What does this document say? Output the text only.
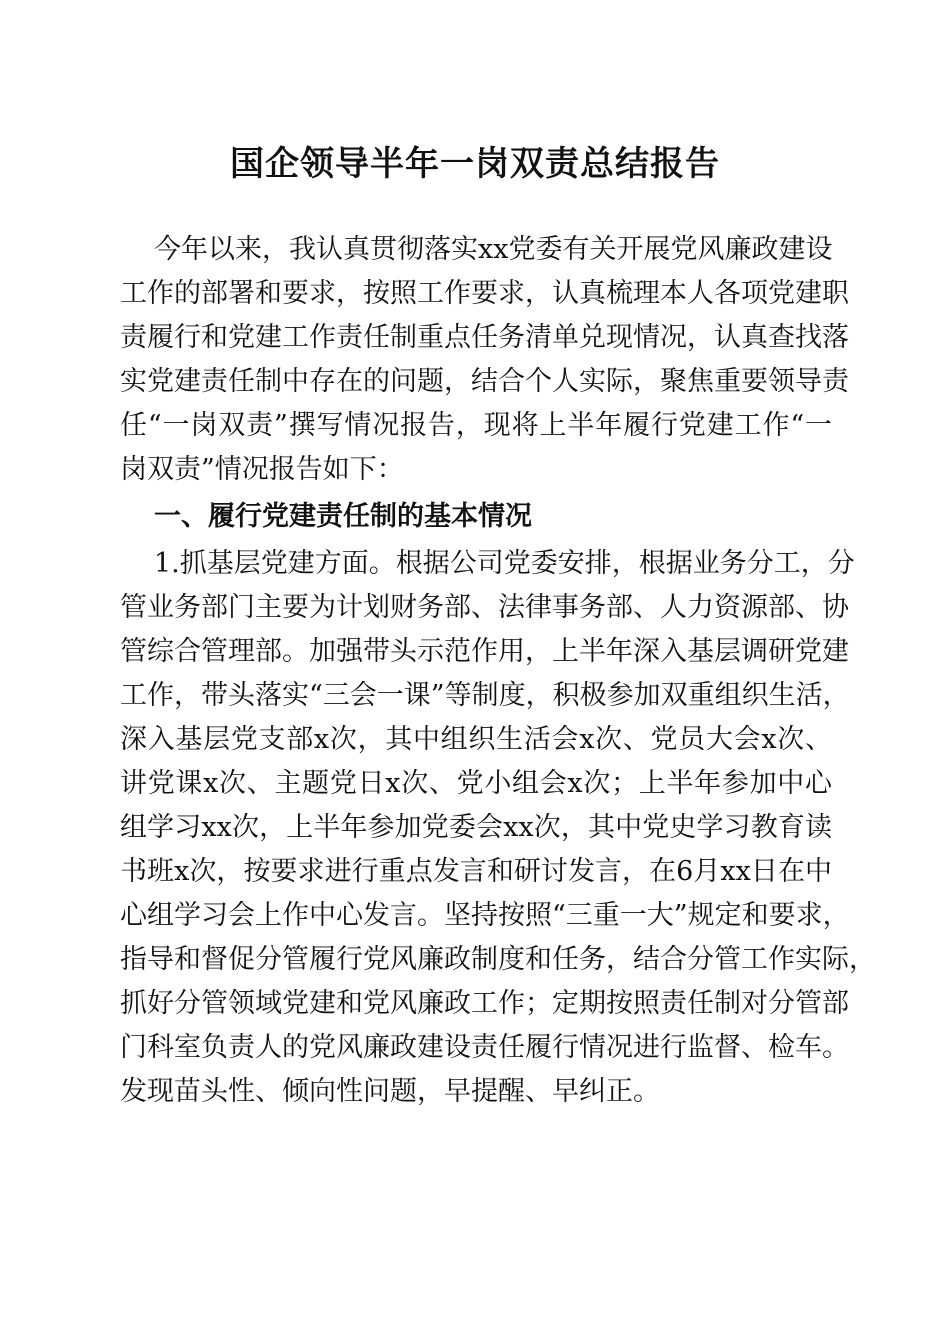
国企领导半年一岗双责总结报告
今年以来，我认真贯彻落实xx党委有关开展党风廉政建设
工作的部署和要求，按照工作要求，认真梳理本人各项党建职
责履行和党建工作责任制重点任务清单兑现情况，认真查找落
实党建责任制中存在的问题，结合个人实际，聚焦重要领导责
任“一岗双责”撰写情况报告，现将上半年履行党建工作“一
岗双责”情况报告如下：
一、履行党建责任制的基本情况
1.抓基层党建方面。根据公司党委安排，根据业务分工，分
管业务部门主要为计划财务部、法律事务部、人力资源部、协
管综合管理部。加强带头示范作用，上半年深入基层调研党建
工作，带头落实“三会一课”等制度，积极参加双重组织生活，
深入基层党支部x次，其中组织生活会x次、党员大会x次、
讲党课x次、主题党日x次、党小组会x次；上半年参加中心
组学习xx次，上半年参加党委会xx次，其中党史学习教育读
书班x次，按要求进行重点发言和研讨发言，在6月xx日在中
心组学习会上作中心发言。坚持按照“三重一大”规定和要求，
指导和督促分管履行党风廉政制度和任务，结合分管工作实际，
抓好分管领域党建和党风廉政工作；定期按照责任制对分管部
门科室负责人的党风廉政建设责任履行情况进行监督、检车。
发现苗头性、倾向性问题，早提醒、早纠正。
